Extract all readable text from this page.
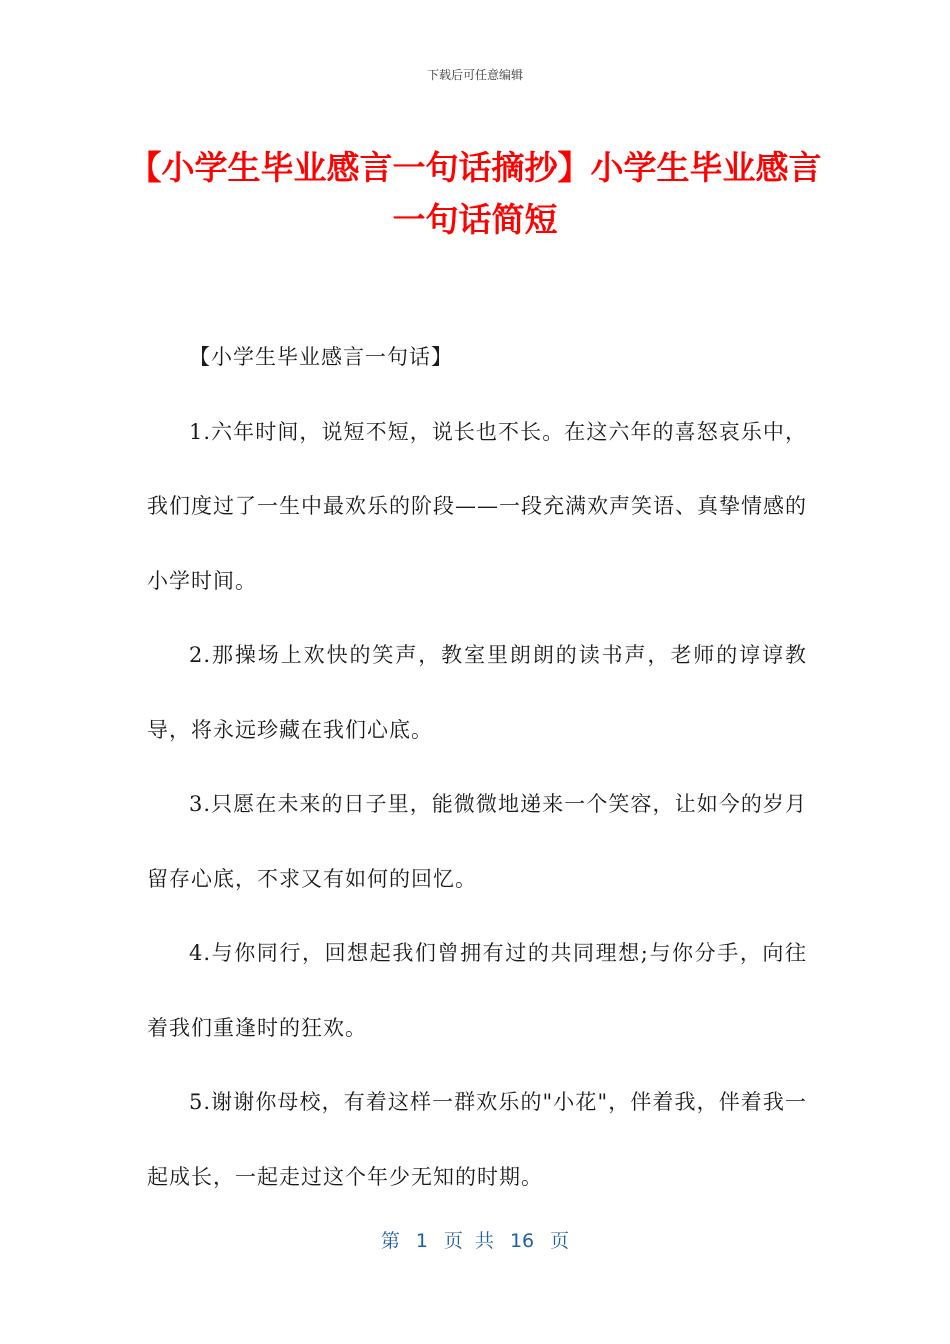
下载后可任意编辑
【小学生毕业感言一句话摘抄】小学生毕业感言一句话简短

【小学生毕业感言一句话】

1.六年时间，说短不短，说长也不长。在这六年的喜怒哀乐中，我们度过了一生中最欢乐的阶段——一段充满欢声笑语、真挚情感的小学时间。

2.那操场上欢快的笑声，教室里朗朗的读书声，老师的谆谆教导，将永远珍藏在我们心底。

3.只愿在未来的日子里，能微微地递来一个笑容，让如今的岁月留存心底，不求又有如何的回忆。

4.与你同行，回想起我们曾拥有过的共同理想;与你分手，向往着我们重逢时的狂欢。

5.谢谢你母校，有着这样一群欢乐的"小花"，伴着我，伴着我一起成长，一起走过这个年少无知的时期。

第 1 页 共 16 页
